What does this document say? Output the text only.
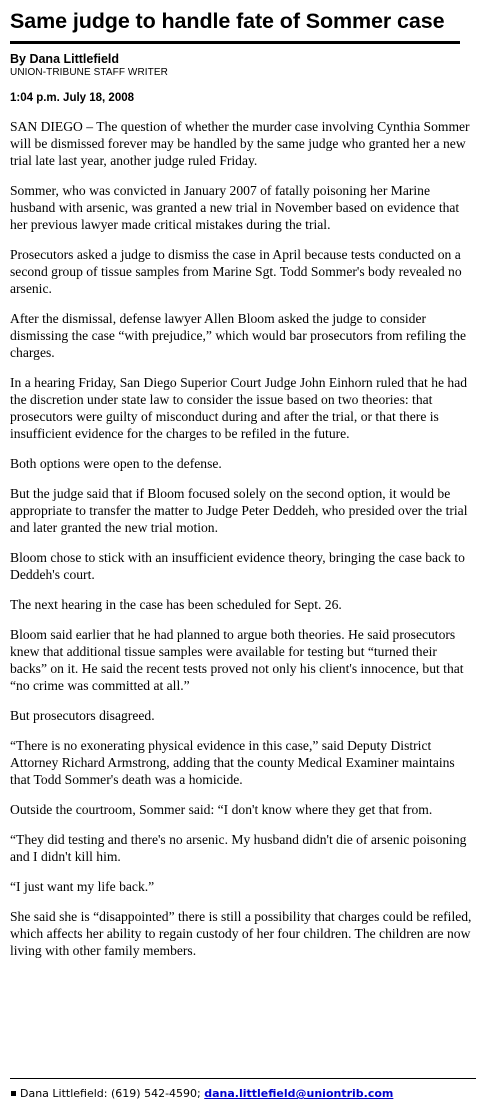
Same judge to handle fate of Sommer case
By Dana Littlefield
UNION-TRIBUNE STAFF WRITER
1:04 p.m. July 18, 2008

SAN DIEGO – The question of whether the murder case involving Cynthia Sommer will be dismissed forever may be handled by the same judge who granted her a new trial late last year, another judge ruled Friday.

Sommer, who was convicted in January 2007 of fatally poisoning her Marine husband with arsenic, was granted a new trial in November based on evidence that her previous lawyer made critical mistakes during the trial.

Prosecutors asked a judge to dismiss the case in April because tests conducted on a second group of tissue samples from Marine Sgt. Todd Sommer's body revealed no arsenic.

After the dismissal, defense lawyer Allen Bloom asked the judge to consider dismissing the case “with prejudice,” which would bar prosecutors from refiling the charges.

In a hearing Friday, San Diego Superior Court Judge John Einhorn ruled that he had the discretion under state law to consider the issue based on two theories: that prosecutors were guilty of misconduct during and after the trial, or that there is insufficient evidence for the charges to be refiled in the future.

Both options were open to the defense.

But the judge said that if Bloom focused solely on the second option, it would be appropriate to transfer the matter to Judge Peter Deddeh, who presided over the trial and later granted the new trial motion.

Bloom chose to stick with an insufficient evidence theory, bringing the case back to Deddeh's court.

The next hearing in the case has been scheduled for Sept. 26.

Bloom said earlier that he had planned to argue both theories. He said prosecutors knew that additional tissue samples were available for testing but “turned their backs” on it. He said the recent tests proved not only his client's innocence, but that “no crime was committed at all.”

But prosecutors disagreed.

“There is no exonerating physical evidence in this case,” said Deputy District Attorney Richard Armstrong, adding that the county Medical Examiner maintains that Todd Sommer's death was a homicide.

Outside the courtroom, Sommer said: “I don't know where they get that from.

“They did testing and there's no arsenic. My husband didn't die of arsenic poisoning and I didn't kill him.

“I just want my life back.”

She said she is “disappointed” there is still a possibility that charges could be refiled, which affects her ability to regain custody of her four children. The children are now living with other family members.

Dana Littlefield: (619) 542-4590; dana.littlefield@uniontrib.com
